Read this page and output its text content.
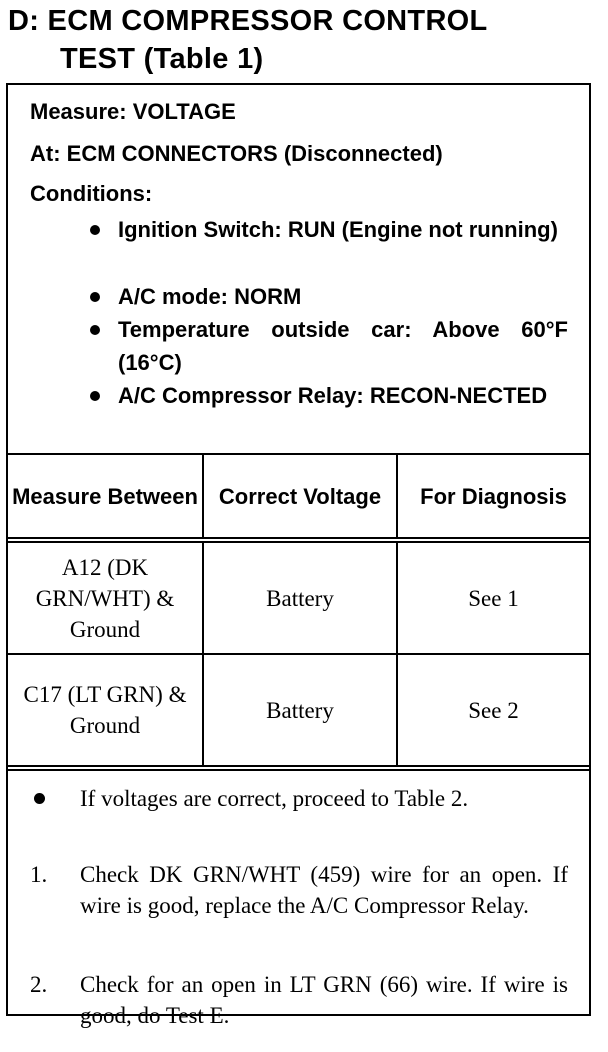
D: ECM COMPRESSOR CONTROL
TEST (Table 1)
Measure: VOLTAGE
At: ECM CONNECTORS (Disconnected)
Conditions:
Ignition Switch: RUN (Engine not running)
A/C mode: NORM
Temperature outside car: Above 60°F (16°C)
A/C Compressor Relay: RECON-NECTED
Measure Between	Correct Voltage	For Diagnosis
A12 (DK GRN/WHT) & Ground	Battery	See 1
C17 (LT GRN) & Ground	Battery	See 2
If voltages are correct, proceed to Table 2.
1. Check DK GRN/WHT (459) wire for an open. If wire is good, replace the A/C Compressor Relay.
2. Check for an open in LT GRN (66) wire. If wire is good, do Test E.
